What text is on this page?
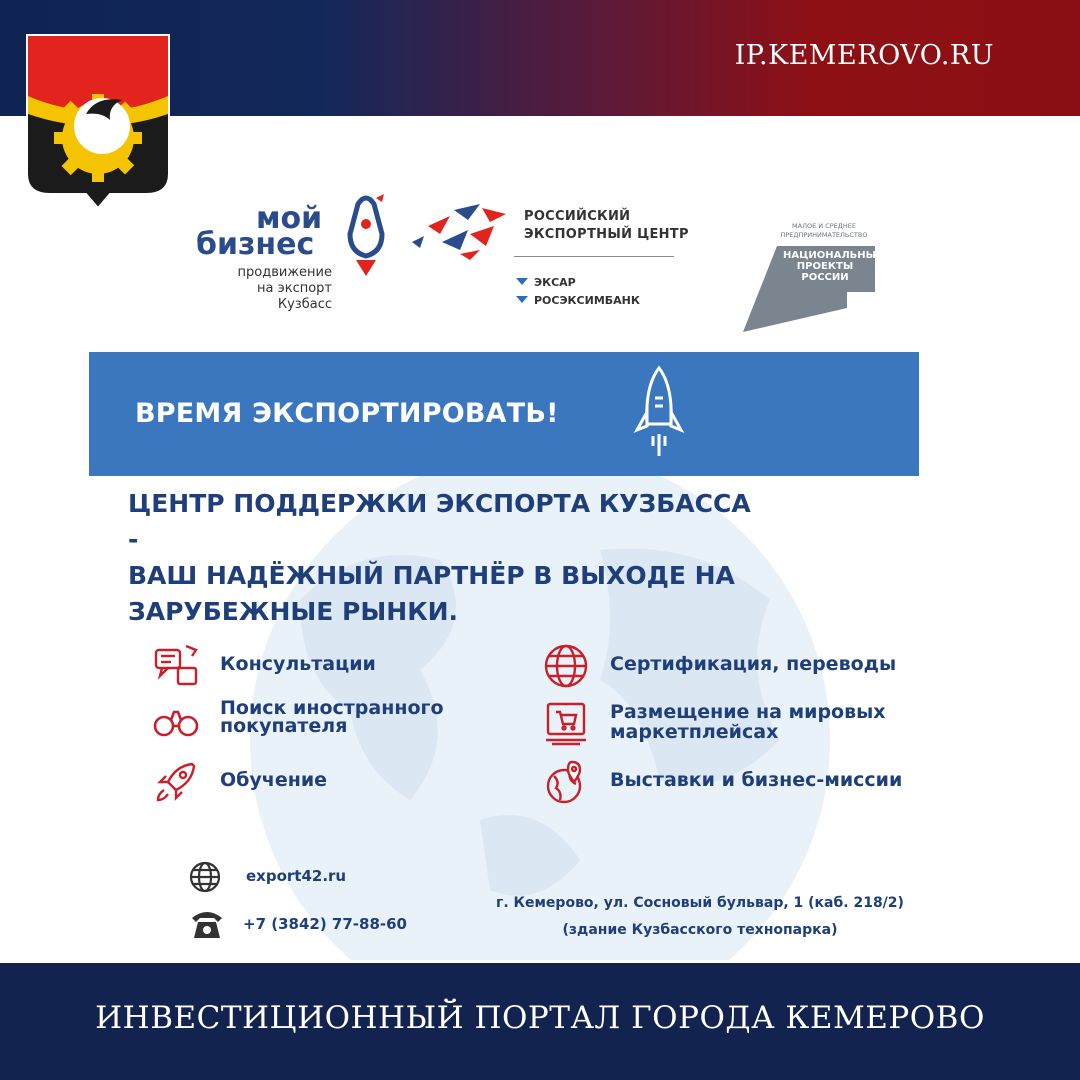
IP.KEMEROVO.RU
мой
бизнес
продвижение
на экспорт
Кузбасс
РОССИЙСКИЙ
ЭКСПОРТНЫЙ ЦЕНТР
ЭКСАР
РОСЭКСИМБАНК
МАЛОЕ И СРЕДНЕЕ
ПРЕДПРИНИМАТЕЛЬСТВО
НАЦИОНАЛЬНЫЕ
ПРОЕКТЫ
РОССИИ
ВРЕМЯ ЭКСПОРТИРОВАТЬ!
ЦЕНТР ПОДДЕРЖКИ ЭКСПОРТА КУЗБАССА -
ВАШ НАДЁЖНЫЙ ПАРТНЁР В ВЫХОДЕ НА
ЗАРУБЕЖНЫЕ РЫНКИ.
Консультации
Поиск иностранного
покупателя
Обучение
Сертификация, переводы
Размещение на мировых
маркетплейсах
Выставки и бизнес-миссии
export42.ru
+7 (3842) 77-88-60
г. Кемерово, ул. Сосновый бульвар, 1 (каб. 218/2)
(здание Кузбасского технопарка)
ИНВЕСТИЦИОННЫЙ ПОРТАЛ ГОРОДА КЕМЕРОВО
